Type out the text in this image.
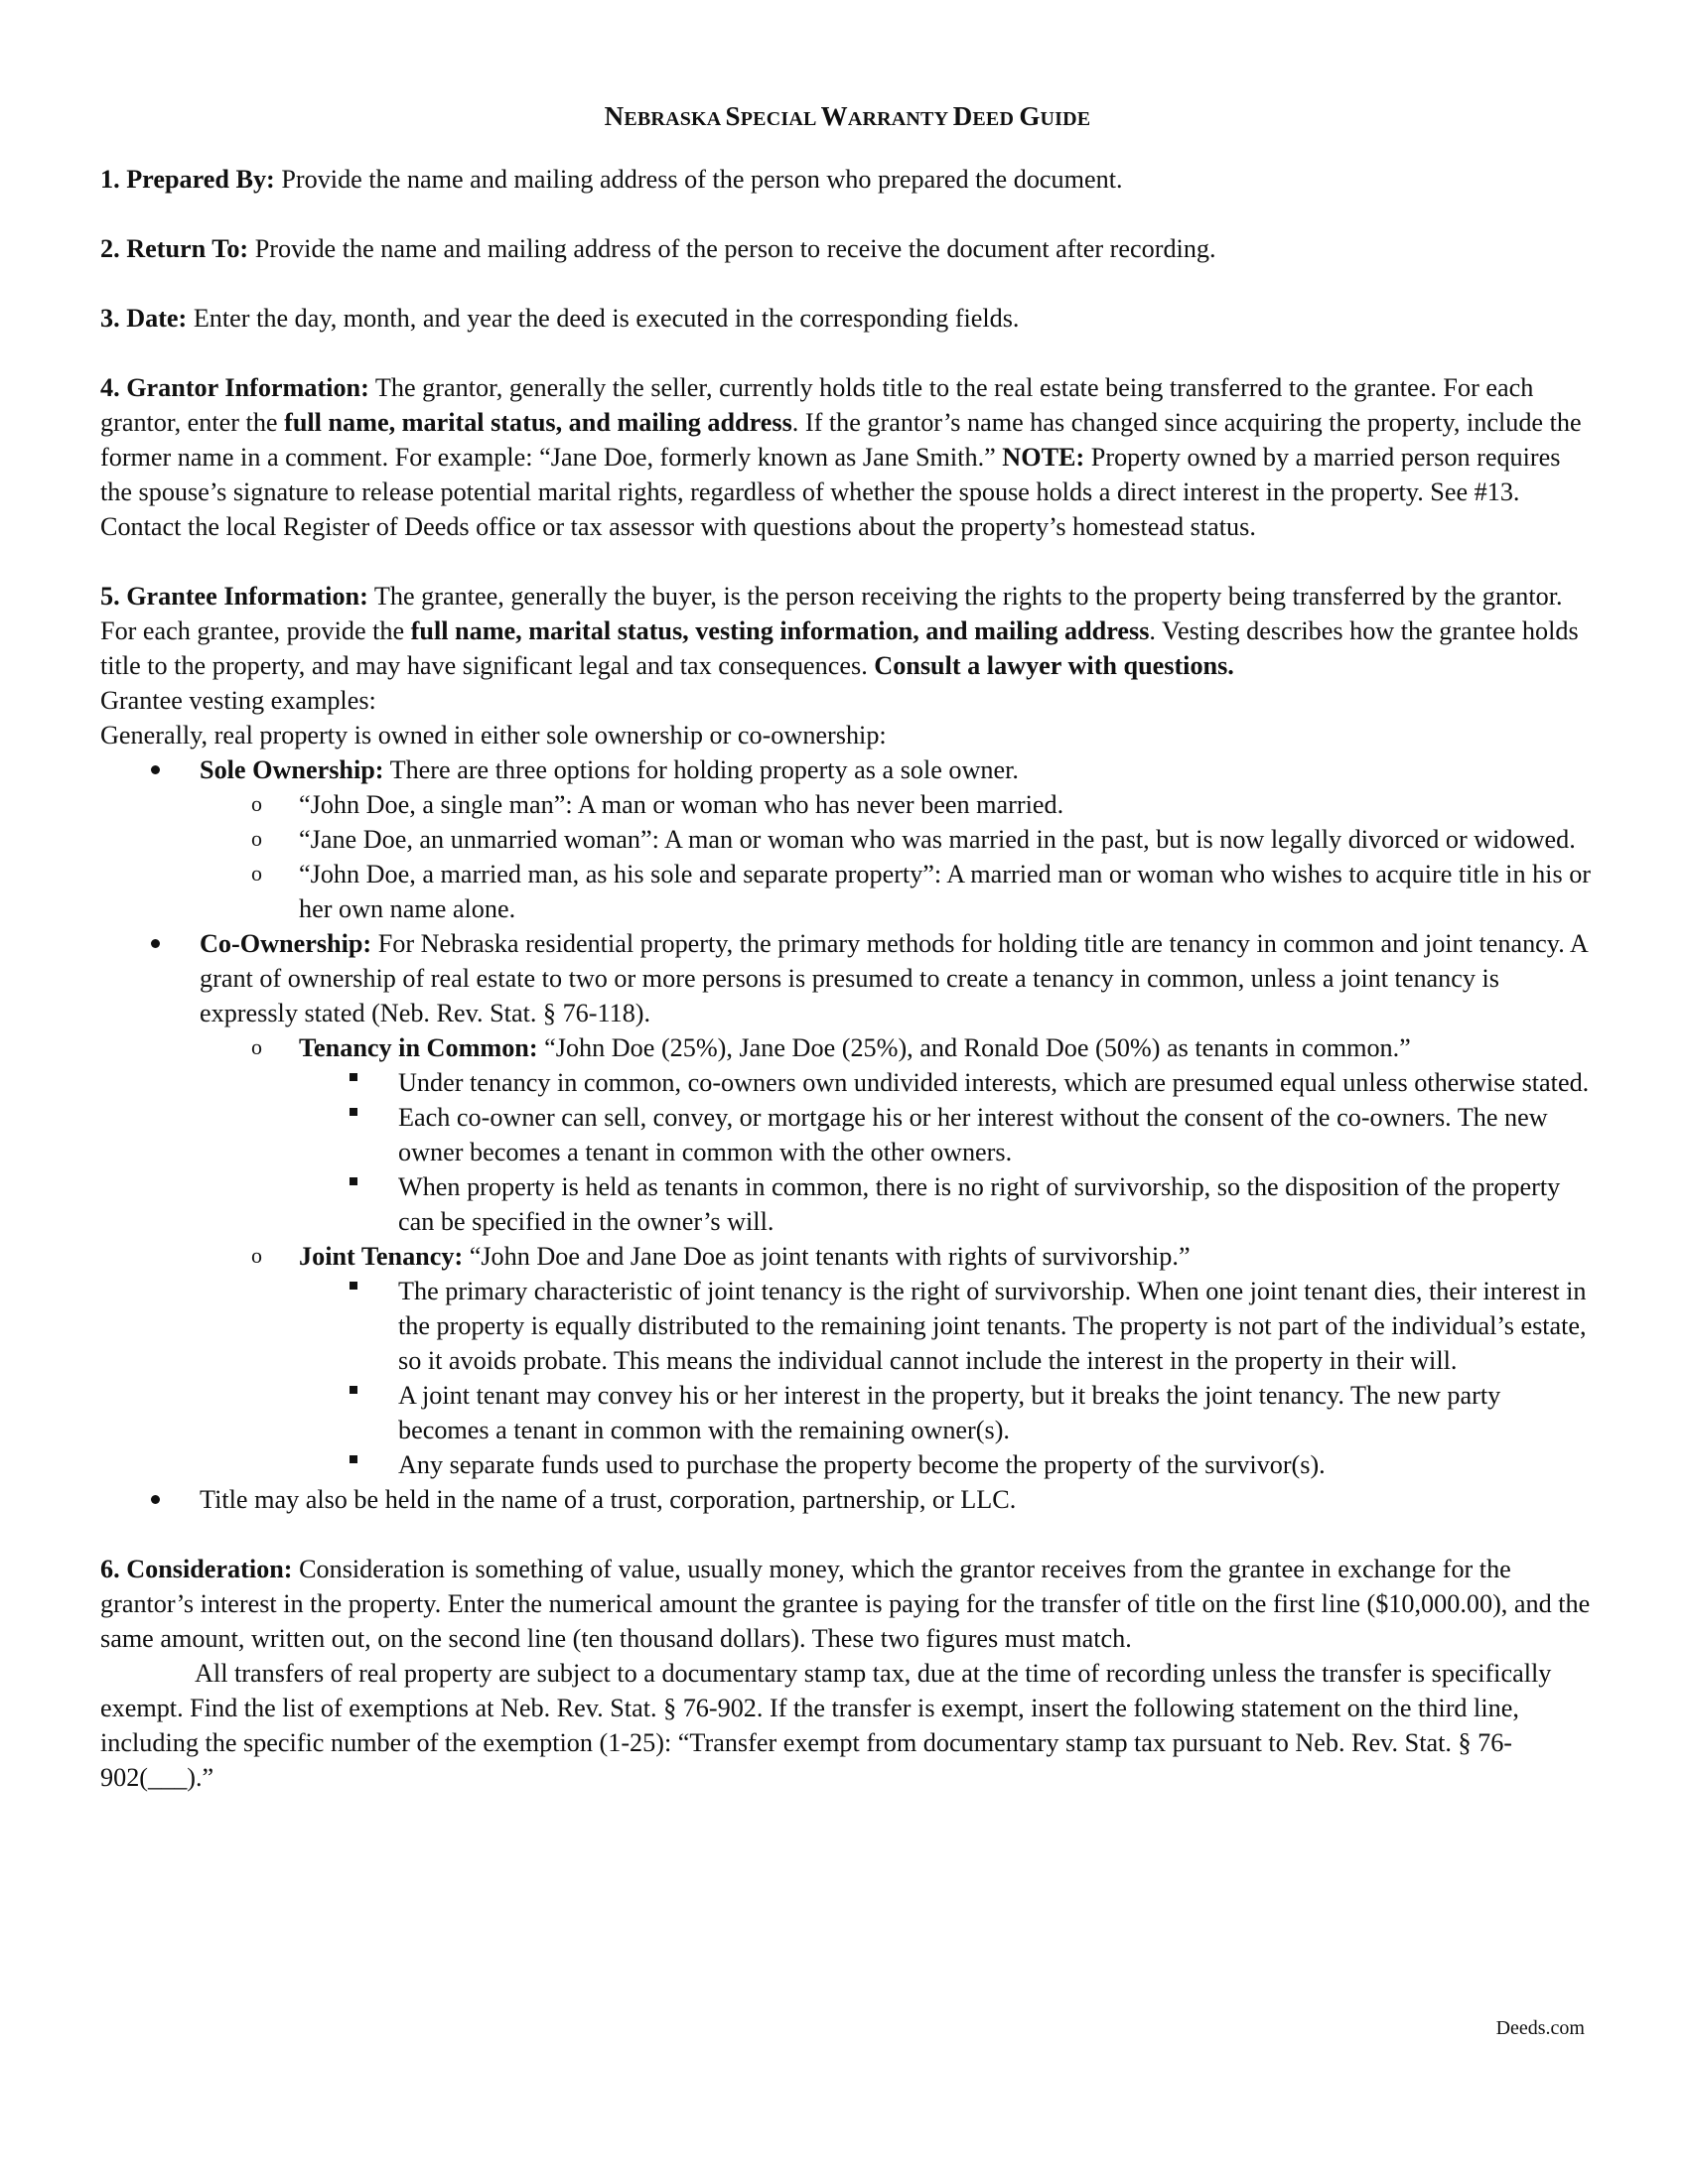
NEBRASKA SPECIAL WARRANTY DEED GUIDE

1. Prepared By: Provide the name and mailing address of the person who prepared the document.

2. Return To: Provide the name and mailing address of the person to receive the document after recording.

3. Date: Enter the day, month, and year the deed is executed in the corresponding fields.

4. Grantor Information: The grantor, generally the seller, currently holds title to the real estate being transferred to the grantee. For each grantor, enter the full name, marital status, and mailing address. If the grantor’s name has changed since acquiring the property, include the former name in a comment. For example: “Jane Doe, formerly known as Jane Smith.” NOTE: Property owned by a married person requires the spouse’s signature to release potential marital rights, regardless of whether the spouse holds a direct interest in the property. See #13. Contact the local Register of Deeds office or tax assessor with questions about the property’s homestead status.

5. Grantee Information: The grantee, generally the buyer, is the person receiving the rights to the property being transferred by the grantor. For each grantee, provide the full name, marital status, vesting information, and mailing address. Vesting describes how the grantee holds title to the property, and may have significant legal and tax consequences. Consult a lawyer with questions.

Grantee vesting examples:

Generally, real property is owned in either sole ownership or co-ownership:

Sole Ownership: There are three options for holding property as a sole owner.
o “John Doe, a single man”: A man or woman who has never been married.
o “Jane Doe, an unmarried woman”: A man or woman who was married in the past, but is now legally divorced or widowed.
o “John Doe, a married man, as his sole and separate property”: A married man or woman who wishes to acquire title in his or her own name alone.
Co-Ownership: For Nebraska residential property, the primary methods for holding title are tenancy in common and joint tenancy. A grant of ownership of real estate to two or more persons is presumed to create a tenancy in common, unless a joint tenancy is expressly stated (Neb. Rev. Stat. § 76-118).
o Tenancy in Common: “John Doe (25%), Jane Doe (25%), and Ronald Doe (50%) as tenants in common.”
Under tenancy in common, co-owners own undivided interests, which are presumed equal unless otherwise stated.
Each co-owner can sell, convey, or mortgage his or her interest without the consent of the co-owners. The new owner becomes a tenant in common with the other owners.
When property is held as tenants in common, there is no right of survivorship, so the disposition of the property can be specified in the owner’s will.
o Joint Tenancy: “John Doe and Jane Doe as joint tenants with rights of survivorship.”
The primary characteristic of joint tenancy is the right of survivorship. When one joint tenant dies, their interest in the property is equally distributed to the remaining joint tenants. The property is not part of the individual’s estate, so it avoids probate. This means the individual cannot include the interest in the property in their will.
A joint tenant may convey his or her interest in the property, but it breaks the joint tenancy. The new party becomes a tenant in common with the remaining owner(s).
Any separate funds used to purchase the property become the property of the survivor(s).
Title may also be held in the name of a trust, corporation, partnership, or LLC.

6. Consideration: Consideration is something of value, usually money, which the grantor receives from the grantee in exchange for the grantor’s interest in the property. Enter the numerical amount the grantee is paying for the transfer of title on the first line ($10,000.00), and the same amount, written out, on the second line (ten thousand dollars). These two figures must match.

All transfers of real property are subject to a documentary stamp tax, due at the time of recording unless the transfer is specifically exempt. Find the list of exemptions at Neb. Rev. Stat. § 76-902. If the transfer is exempt, insert the following statement on the third line, including the specific number of the exemption (1-25): “Transfer exempt from documentary stamp tax pursuant to Neb. Rev. Stat. § 76-902(___).”

Deeds.com
